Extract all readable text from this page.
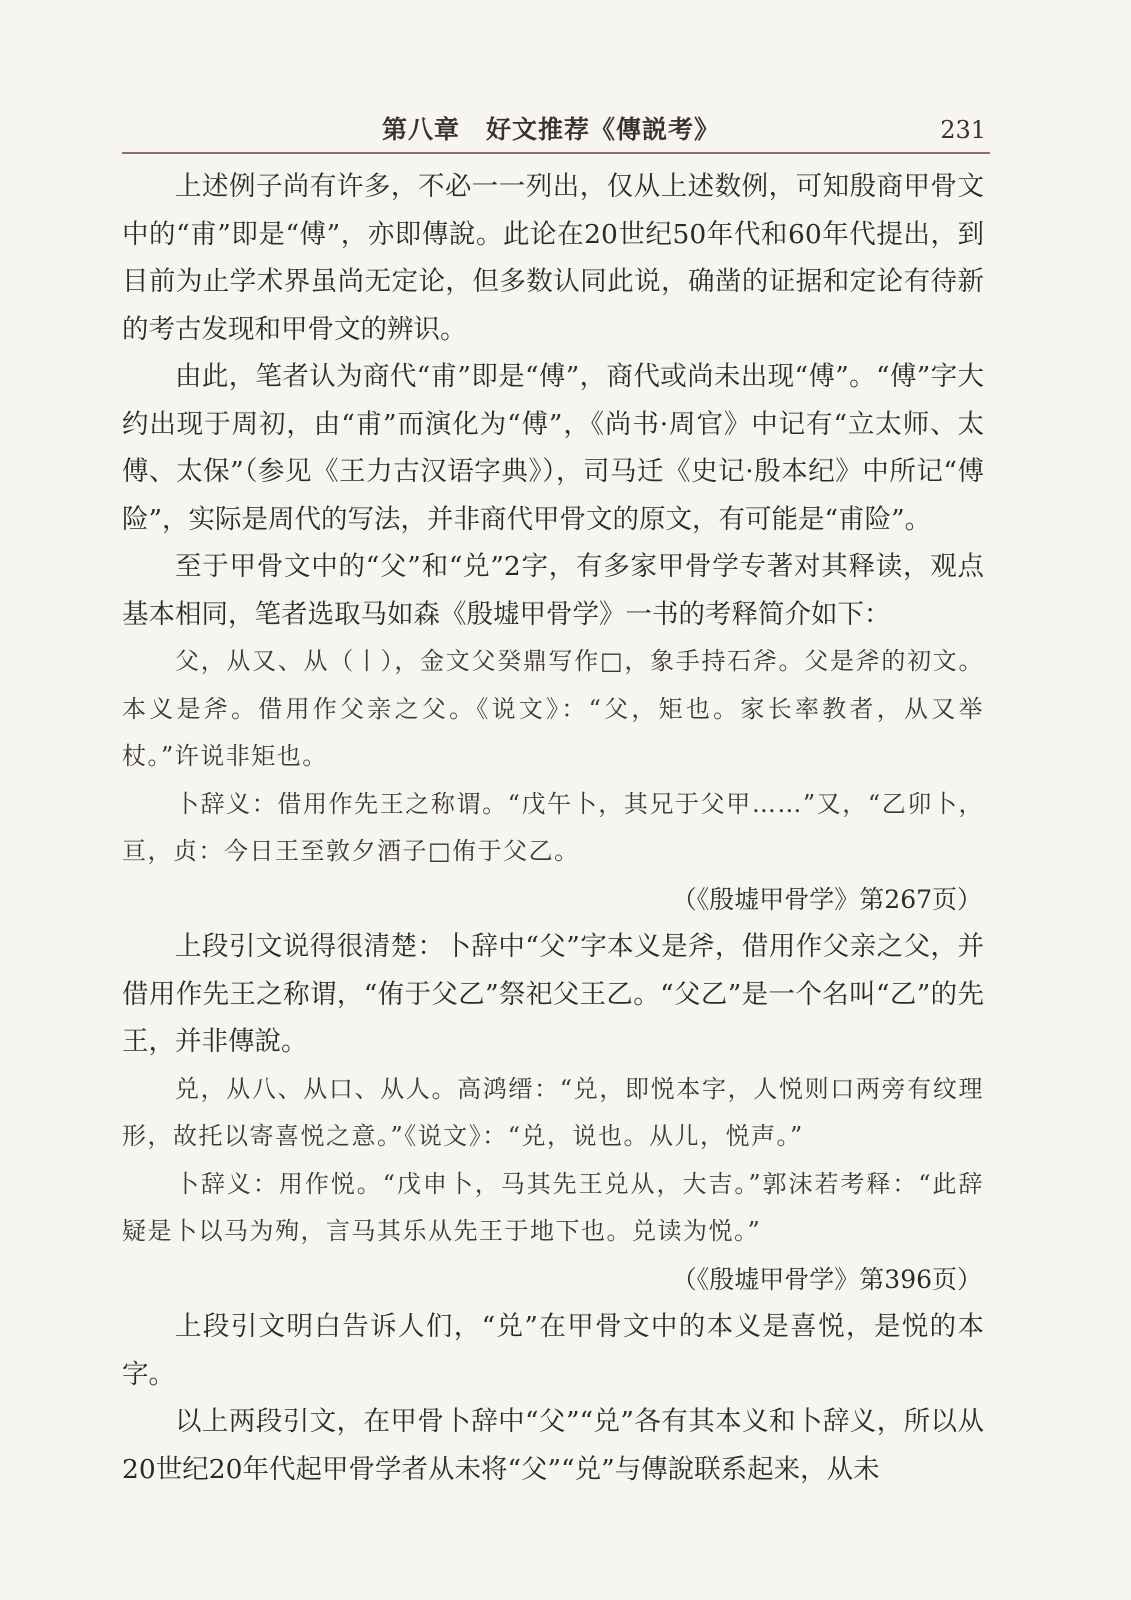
第八章　好文推荐《傳説考》	231

上述例子尚有许多，不必一一列出，仅从上述数例，可知殷商甲骨文中的“甫”即是“傅”，亦即傳說。此论在20世纪50年代和60年代提出，到目前为止学术界虽尚无定论，但多数认同此说，确凿的证据和定论有待新的考古发现和甲骨文的辨识。

由此，笔者认为商代“甫”即是“傅”，商代或尚未出现“傅”。“傅”字大约出现于周初，由“甫”而演化为“傅”，《尚书·周官》中记有“立太师、太傅、太保”（参见《王力古汉语字典》），司马迁《史记·殷本纪》中所记“傅险”，实际是周代的写法，并非商代甲骨文的原文，有可能是“甫险”。

至于甲骨文中的“父”和“兑”2字，有多家甲骨学专著对其释读，观点基本相同，笔者选取马如森《殷墟甲骨学》一书的考释简介如下：

父，从又、从（丨），金文父癸鼎写作□，象手持石斧。父是斧的初文。本义是斧。借用作父亲之父。《说文》：“父，矩也。家长率教者，从又举杖。”许说非矩也。

卜辞义：借用作先王之称谓。“戊午卜，其兄于父甲……”又，“乙卯卜，亘，贞：今日王至敦夕酒子□侑于父乙。

（《殷墟甲骨学》第267页）

上段引文说得很清楚：卜辞中“父”字本义是斧，借用作父亲之父，并借用作先王之称谓，“侑于父乙”祭祀父王乙。“父乙”是一个名叫“乙”的先王，并非傳說。

兑，从八、从口、从人。高鸿缙：“兑，即悦本字，人悦则口两旁有纹理形，故托以寄喜悦之意。”《说文》：“兑，说也。从儿，悦声。”

卜辞义：用作悦。“戊申卜，马其先王兑从，大吉。”郭沫若考释：“此辞疑是卜以马为殉，言马其乐从先王于地下也。兑读为悦。”

（《殷墟甲骨学》第396页）

上段引文明白告诉人们，“兑”在甲骨文中的本义是喜悦，是悦的本字。

以上两段引文，在甲骨卜辞中“父”“兑”各有其本义和卜辞义，所以从20世纪20年代起甲骨学者从未将“父”“兑”与傳說联系起来，从未
